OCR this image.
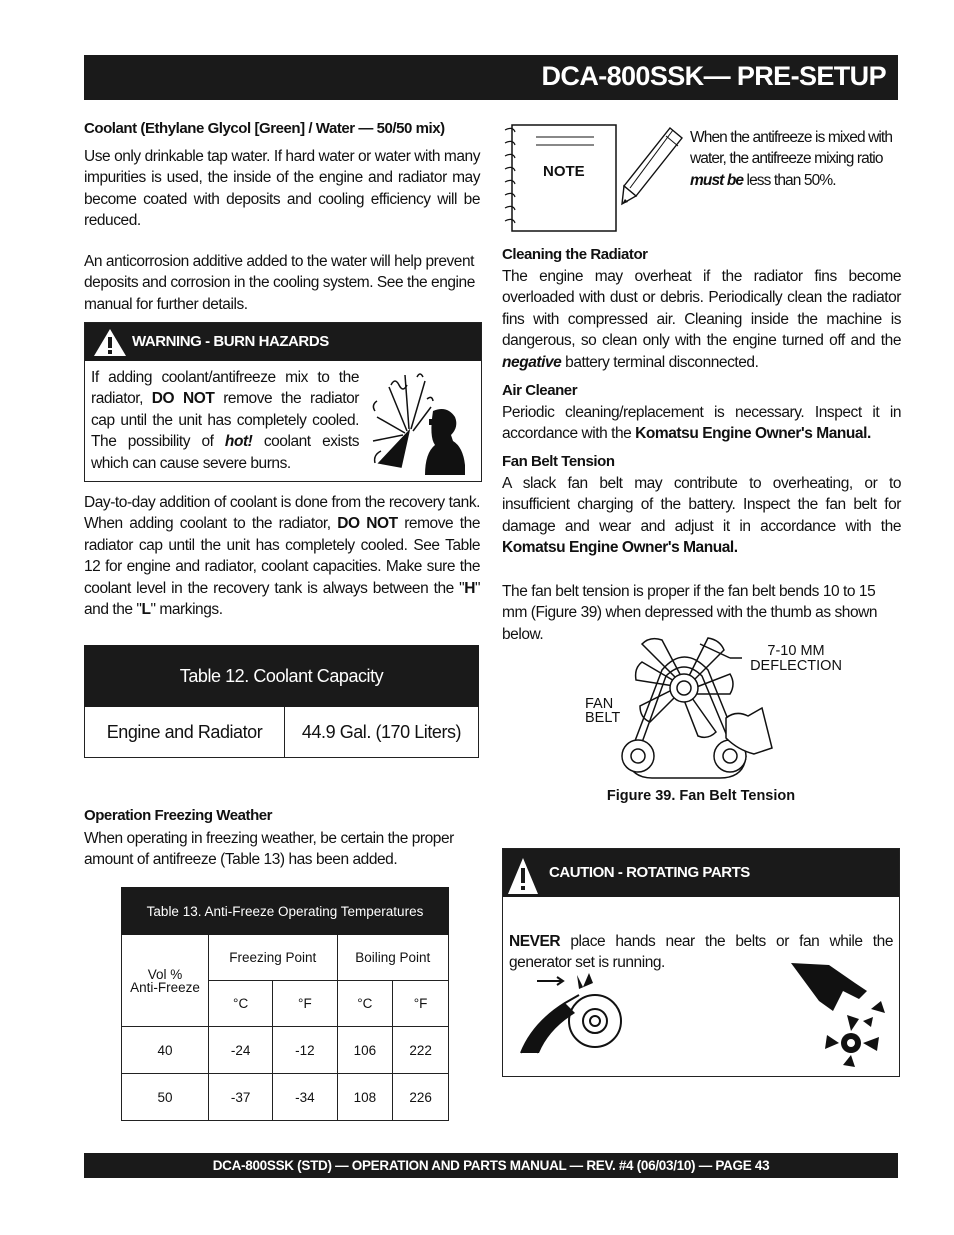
DCA-800SSK— PRE-SETUP
Coolant (Ethylane Glycol [Green] / Water — 50/50 mix)
Use only drinkable tap water. If hard water or water with many impurities is used, the inside of the engine and radiator may become coated with deposits and cooling efficiency will be reduced.
An anticorrosion additive added to the water will help prevent deposits and corrosion in the cooling system. See the engine manual for further details.
WARNING - BURN HAZARDS
If adding coolant/antifreeze mix to the radiator, DO NOT remove the radiator cap until the unit has completely cooled. The possibility of hot! coolant exists which can cause severe burns.
Day-to-day addition of coolant is done from the recovery tank. When adding coolant to the radiator, DO NOT remove the radiator cap until the unit has completely cooled. See Table 12 for engine and radiator, coolant capacities. Make sure the coolant level in the recovery tank is always between the "H" and the "L" markings.
Table 12. Coolant Capacity
Engine and Radiator	44.9 Gal. (170 Liters)
Operation Freezing Weather
When operating in freezing weather, be certain the proper amount of antifreeze (Table 13) has been added.
Table 13. Anti-Freeze Operating Temperatures				
Vol %
Anti-Freeze	Freezing Point		Boiling Point	
	°C	°F	°C	°F
40	-24	-12	106	222
50	-37	-34	108	226
NOTE
When the antifreeze is mixed with water, the antifreeze mixing ratio must be less than 50%.
Cleaning the Radiator
The engine may overheat if the radiator fins become overloaded with dust or debris. Periodically clean the radiator fins with compressed air. Cleaning inside the machine is dangerous, so clean only with the engine turned off and the negative battery terminal disconnected.
Air Cleaner
Periodic cleaning/replacement is necessary. Inspect it in accordance with the Komatsu Engine Owner's Manual.
Fan Belt Tension
A slack fan belt may contribute to overheating, or to insufficient charging of the battery. Inspect the fan belt for damage and wear and adjust it in accordance with the Komatsu Engine Owner's Manual.
The fan belt tension is proper if the fan belt bends 10 to 15 mm (Figure 39) when depressed with the thumb as shown below.
7-10 MM
DEFLECTION
FAN
BELT
Figure 39. Fan Belt Tension
CAUTION - ROTATING PARTS
NEVER place hands near the belts or fan while the generator set is running.
DCA-800SSK (STD) — OPERATION AND PARTS MANUAL — REV. #4 (06/03/10) — PAGE 43
